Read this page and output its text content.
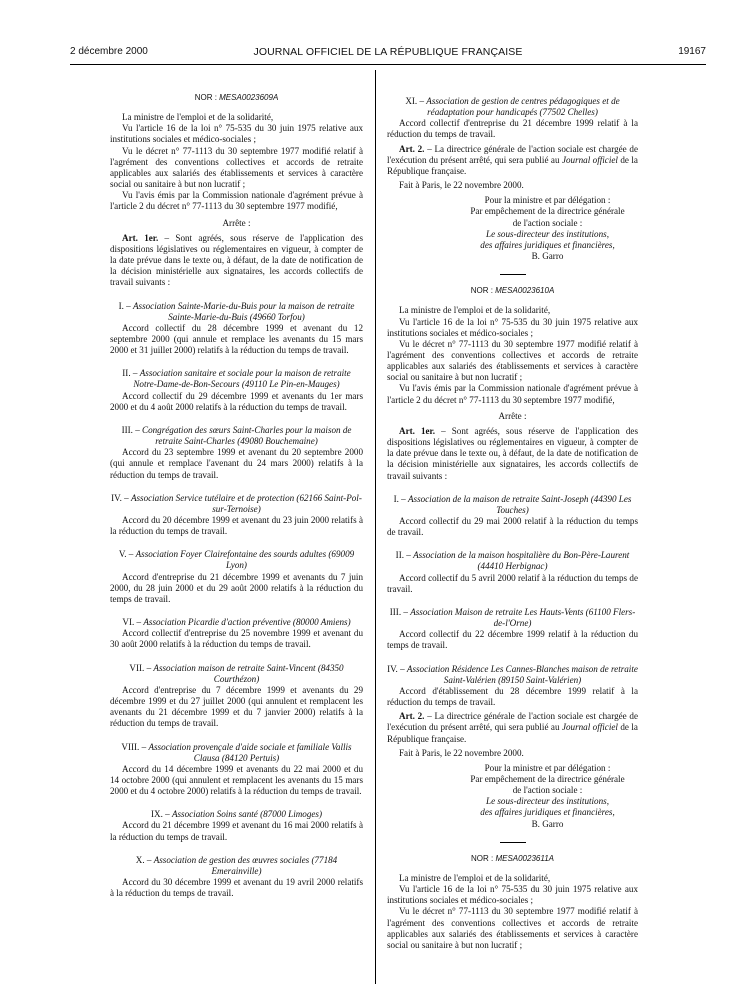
2 décembre 2000	JOURNAL OFFICIEL DE LA RÉPUBLIQUE FRANÇAISE	19167

NOR : MESA0023609A

La ministre de l'emploi et de la solidarité,

Vu l'article 16 de la loi n° 75-535 du 30 juin 1975 relative aux institutions sociales et médico-sociales ;

Vu le décret n° 77-1113 du 30 septembre 1977 modifié relatif à l'agrément des conventions collectives et accords de retraite applicables aux salariés des établissements et services à caractère social ou sanitaire à but non lucratif ;

Vu l'avis émis par la Commission nationale d'agrément prévue à l'article 2 du décret n° 77-1113 du 30 septembre 1977 modifié,

Arrête :

Art. 1er. – Sont agréés, sous réserve de l'application des dispositions législatives ou réglementaires en vigueur, à compter de la date prévue dans le texte ou, à défaut, de la date de notification de la décision ministérielle aux signataires, les accords collectifs de travail suivants :

I. – Association Sainte-Marie-du-Buis pour la maison de retraite Sainte-Marie-du-Buis (49660 Torfou)

Accord collectif du 28 décembre 1999 et avenant du 12 septembre 2000 (qui annule et remplace les avenants du 15 mars 2000 et 31 juillet 2000) relatifs à la réduction du temps de travail.

II. – Association sanitaire et sociale pour la maison de retraite Notre-Dame-de-Bon-Secours (49110 Le Pin-en-Mauges)

Accord collectif du 29 décembre 1999 et avenants du 1er mars 2000 et du 4 août 2000 relatifs à la réduction du temps de travail.

III. – Congrégation des sœurs Saint-Charles pour la maison de retraite Saint-Charles (49080 Bouchemaine)

Accord du 23 septembre 1999 et avenant du 20 septembre 2000 (qui annule et remplace l'avenant du 24 mars 2000) relatifs à la réduction du temps de travail.

IV. – Association Service tutélaire et de protection (62166 Saint-Pol-sur-Ternoise)

Accord du 20 décembre 1999 et avenant du 23 juin 2000 relatifs à la réduction du temps de travail.

V. – Association Foyer Clairefontaine des sourds adultes (69009 Lyon)

Accord d'entreprise du 21 décembre 1999 et avenants du 7 juin 2000, du 28 juin 2000 et du 29 août 2000 relatifs à la réduction du temps de travail.

VI. – Association Picardie d'action préventive (80000 Amiens)

Accord collectif d'entreprise du 25 novembre 1999 et avenant du 30 août 2000 relatifs à la réduction du temps de travail.

VII. – Association maison de retraite Saint-Vincent (84350 Courthézon)

Accord d'entreprise du 7 décembre 1999 et avenants du 29 décembre 1999 et du 27 juillet 2000 (qui annulent et remplacent les avenants du 21 décembre 1999 et du 7 janvier 2000) relatifs à la réduction du temps de travail.

VIII. – Association provençale d'aide sociale et familiale Vallis Clausa (84120 Pertuis)

Accord du 14 décembre 1999 et avenants du 22 mai 2000 et du 14 octobre 2000 (qui annulent et remplacent les avenants du 15 mars 2000 et du 4 octobre 2000) relatifs à la réduction du temps de travail.

IX. – Association Soins santé (87000 Limoges)

Accord du 21 décembre 1999 et avenant du 16 mai 2000 relatifs à la réduction du temps de travail.

X. – Association de gestion des œuvres sociales (77184 Emerainville)

Accord du 30 décembre 1999 et avenant du 19 avril 2000 relatifs à la réduction du temps de travail.

XI. – Association de gestion de centres pédagogiques et de réadaptation pour handicapés (77502 Chelles)

Accord collectif d'entreprise du 21 décembre 1999 relatif à la réduction du temps de travail.

Art. 2. – La directrice générale de l'action sociale est chargée de l'exécution du présent arrêté, qui sera publié au Journal officiel de la République française.

Fait à Paris, le 22 novembre 2000.

Pour la ministre et par délégation :
Par empêchement de la directrice générale
de l'action sociale :
Le sous-directeur des institutions,
des affaires juridiques et financières,
B. Garro

NOR : MESA0023610A

La ministre de l'emploi et de la solidarité,

Vu l'article 16 de la loi n° 75-535 du 30 juin 1975 relative aux institutions sociales et médico-sociales ;

Vu le décret n° 77-1113 du 30 septembre 1977 modifié relatif à l'agrément des conventions collectives et accords de retraite applicables aux salariés des établissements et services à caractère social ou sanitaire à but non lucratif ;

Vu l'avis émis par la Commission nationale d'agrément prévue à l'article 2 du décret n° 77-1113 du 30 septembre 1977 modifié,

Arrête :

Art. 1er. – Sont agréés, sous réserve de l'application des dispositions législatives ou réglementaires en vigueur, à compter de la date prévue dans le texte ou, à défaut, de la date de notification de la décision ministérielle aux signataires, les accords collectifs de travail suivants :

I. – Association de la maison de retraite Saint-Joseph (44390 Les Touches)

Accord collectif du 29 mai 2000 relatif à la réduction du temps de travail.

II. – Association de la maison hospitalière du Bon-Père-Laurent (44410 Herbignac)

Accord collectif du 5 avril 2000 relatif à la réduction du temps de travail.

III. – Association Maison de retraite Les Hauts-Vents (61100 Flers-de-l'Orne)

Accord collectif du 22 décembre 1999 relatif à la réduction du temps de travail.

IV. – Association Résidence Les Cannes-Blanches maison de retraite Saint-Valérien (89150 Saint-Valérien)

Accord d'établissement du 28 décembre 1999 relatif à la réduction du temps de travail.

Art. 2. – La directrice générale de l'action sociale est chargée de l'exécution du présent arrêté, qui sera publié au Journal officiel de la République française.

Fait à Paris, le 22 novembre 2000.

Pour la ministre et par délégation :
Par empêchement de la directrice générale
de l'action sociale :
Le sous-directeur des institutions,
des affaires juridiques et financières,
B. Garro

NOR : MESA0023611A

La ministre de l'emploi et de la solidarité,

Vu l'article 16 de la loi n° 75-535 du 30 juin 1975 relative aux institutions sociales et médico-sociales ;

Vu le décret n° 77-1113 du 30 septembre 1977 modifié relatif à l'agrément des conventions collectives et accords de retraite applicables aux salariés des établissements et services à caractère social ou sanitaire à but non lucratif ;
